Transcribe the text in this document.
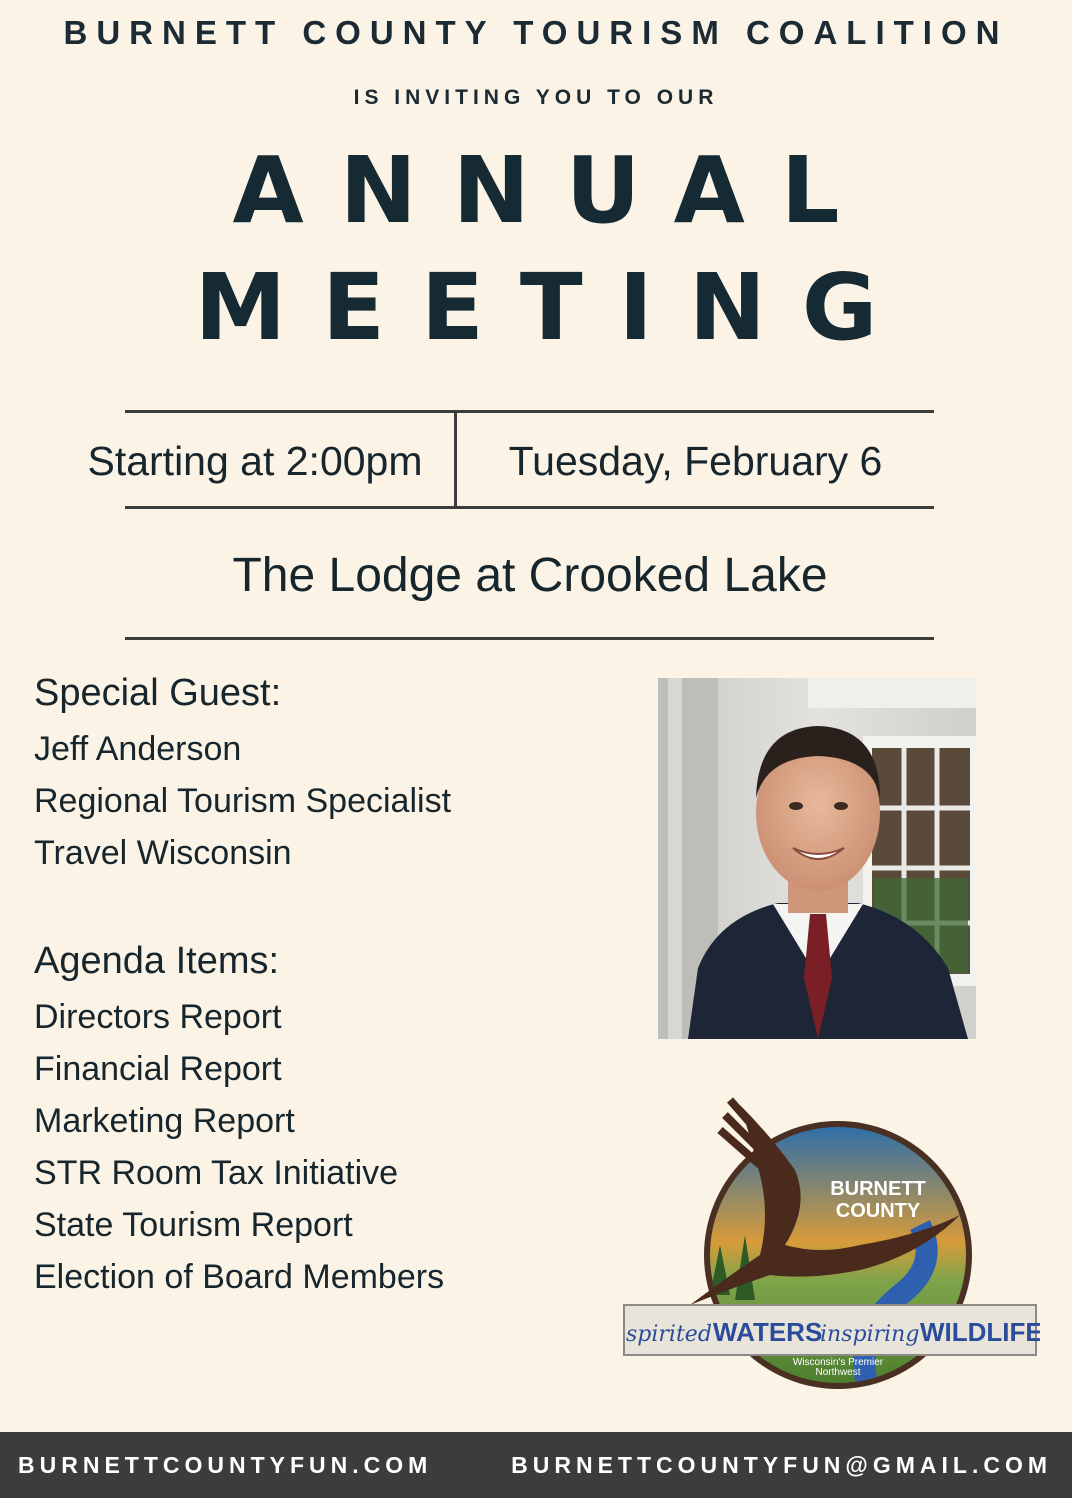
BURNETT COUNTY TOURISM COALITION
IS INVITING YOU TO OUR
ANNUAL
MEETING
Starting at 2:00pm	Tuesday, February 6
The Lodge at Crooked Lake
Special Guest:
Jeff Anderson
Regional Tourism Specialist
Travel Wisconsin
Agenda Items:
Directors Report
Financial Report
Marketing Report
STR Room Tax Initiative
State Tourism Report
Election of Board Members
BURNETT
COUNTY
spirited WATERS
inspiring WILDLIFE
Wisconsin's Premier
Northwest
BURNETTCOUNTYFUN.COM	BURNETTCOUNTYFUN@GMAIL.COM
